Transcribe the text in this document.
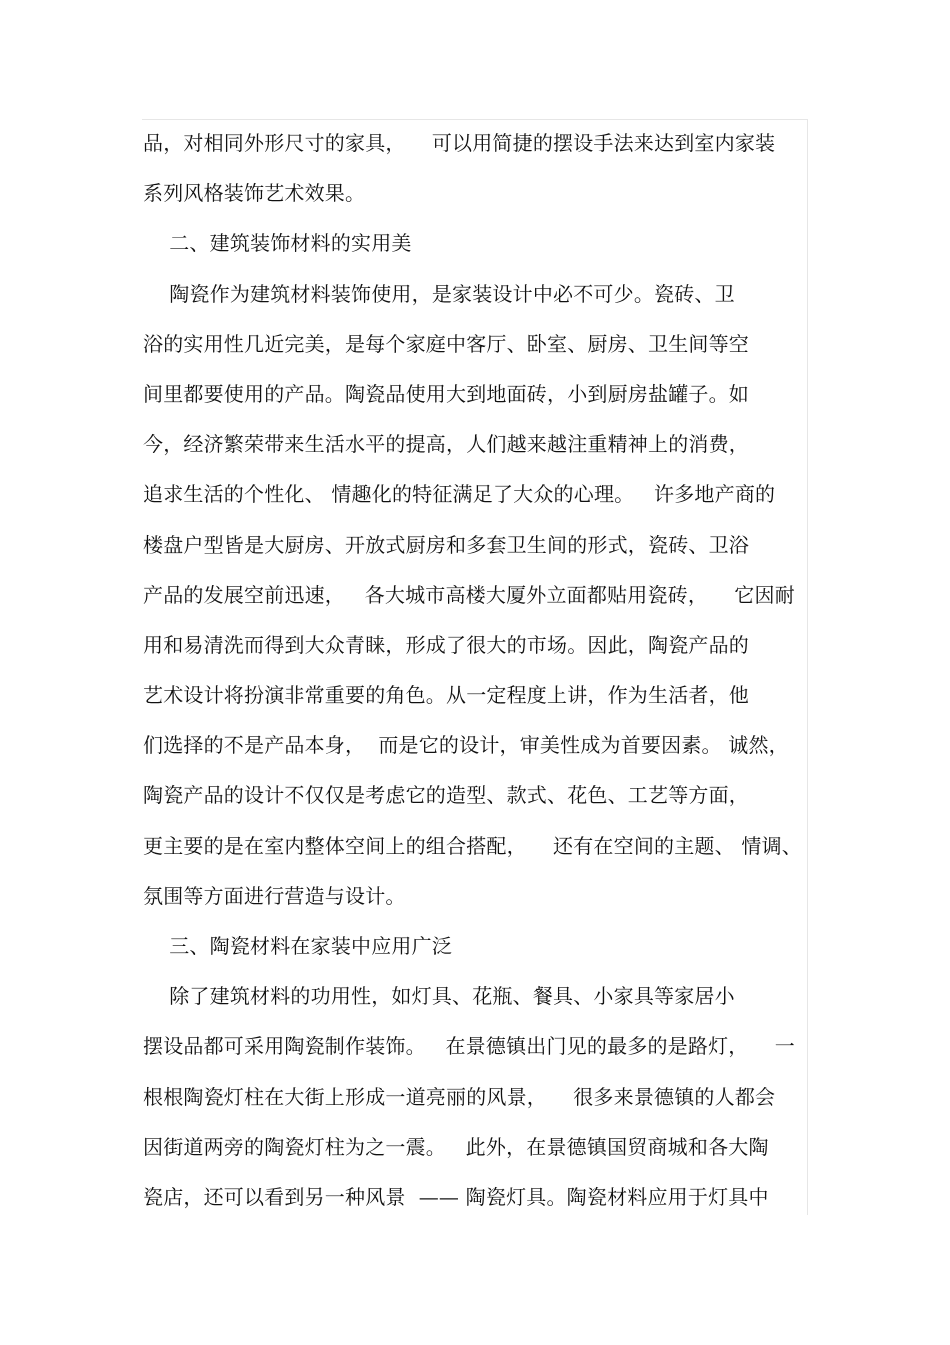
品，对相同外形尺寸的家具，    可以用简捷的摆设手法来达到室内家装
系列风格装饰艺术效果。
二、建筑装饰材料的实用美
陶瓷作为建筑材料装饰使用，是家装设计中必不可少。瓷砖、卫
浴的实用性几近完美，是每个家庭中客厅、卧室、厨房、卫生间等空
间里都要使用的产品。陶瓷品使用大到地面砖，小到厨房盐罐子。如
今，经济繁荣带来生活水平的提高，人们越来越注重精神上的消费，
追求生活的个性化、 情趣化的特征满足了大众的心理。   许多地产商的
楼盘户型皆是大厨房、开放式厨房和多套卫生间的形式，瓷砖、卫浴
产品的发展空前迅速，   各大城市高楼大厦外立面都贴用瓷砖，    它因耐
用和易清洗而得到大众青睐，形成了很大的市场。因此，陶瓷产品的
艺术设计将扮演非常重要的角色。从一定程度上讲，作为生活者，他
们选择的不是产品本身，  而是它的设计，审美性成为首要因素。 诚然，
陶瓷产品的设计不仅仅是考虑它的造型、款式、花色、工艺等方面，
更主要的是在室内整体空间上的组合搭配，    还有在空间的主题、 情调、
氛围等方面进行营造与设计。
三、陶瓷材料在家装中应用广泛
除了建筑材料的功用性，如灯具、花瓶、餐具、小家具等家居小
摆设品都可采用陶瓷制作装饰。   在景德镇出门见的最多的是路灯，    一
根根陶瓷灯柱在大街上形成一道亮丽的风景，    很多来景德镇的人都会
因街道两旁的陶瓷灯柱为之一震。   此外，在景德镇国贸商城和各大陶
瓷店，还可以看到另一种风景  —— 陶瓷灯具。陶瓷材料应用于灯具中
